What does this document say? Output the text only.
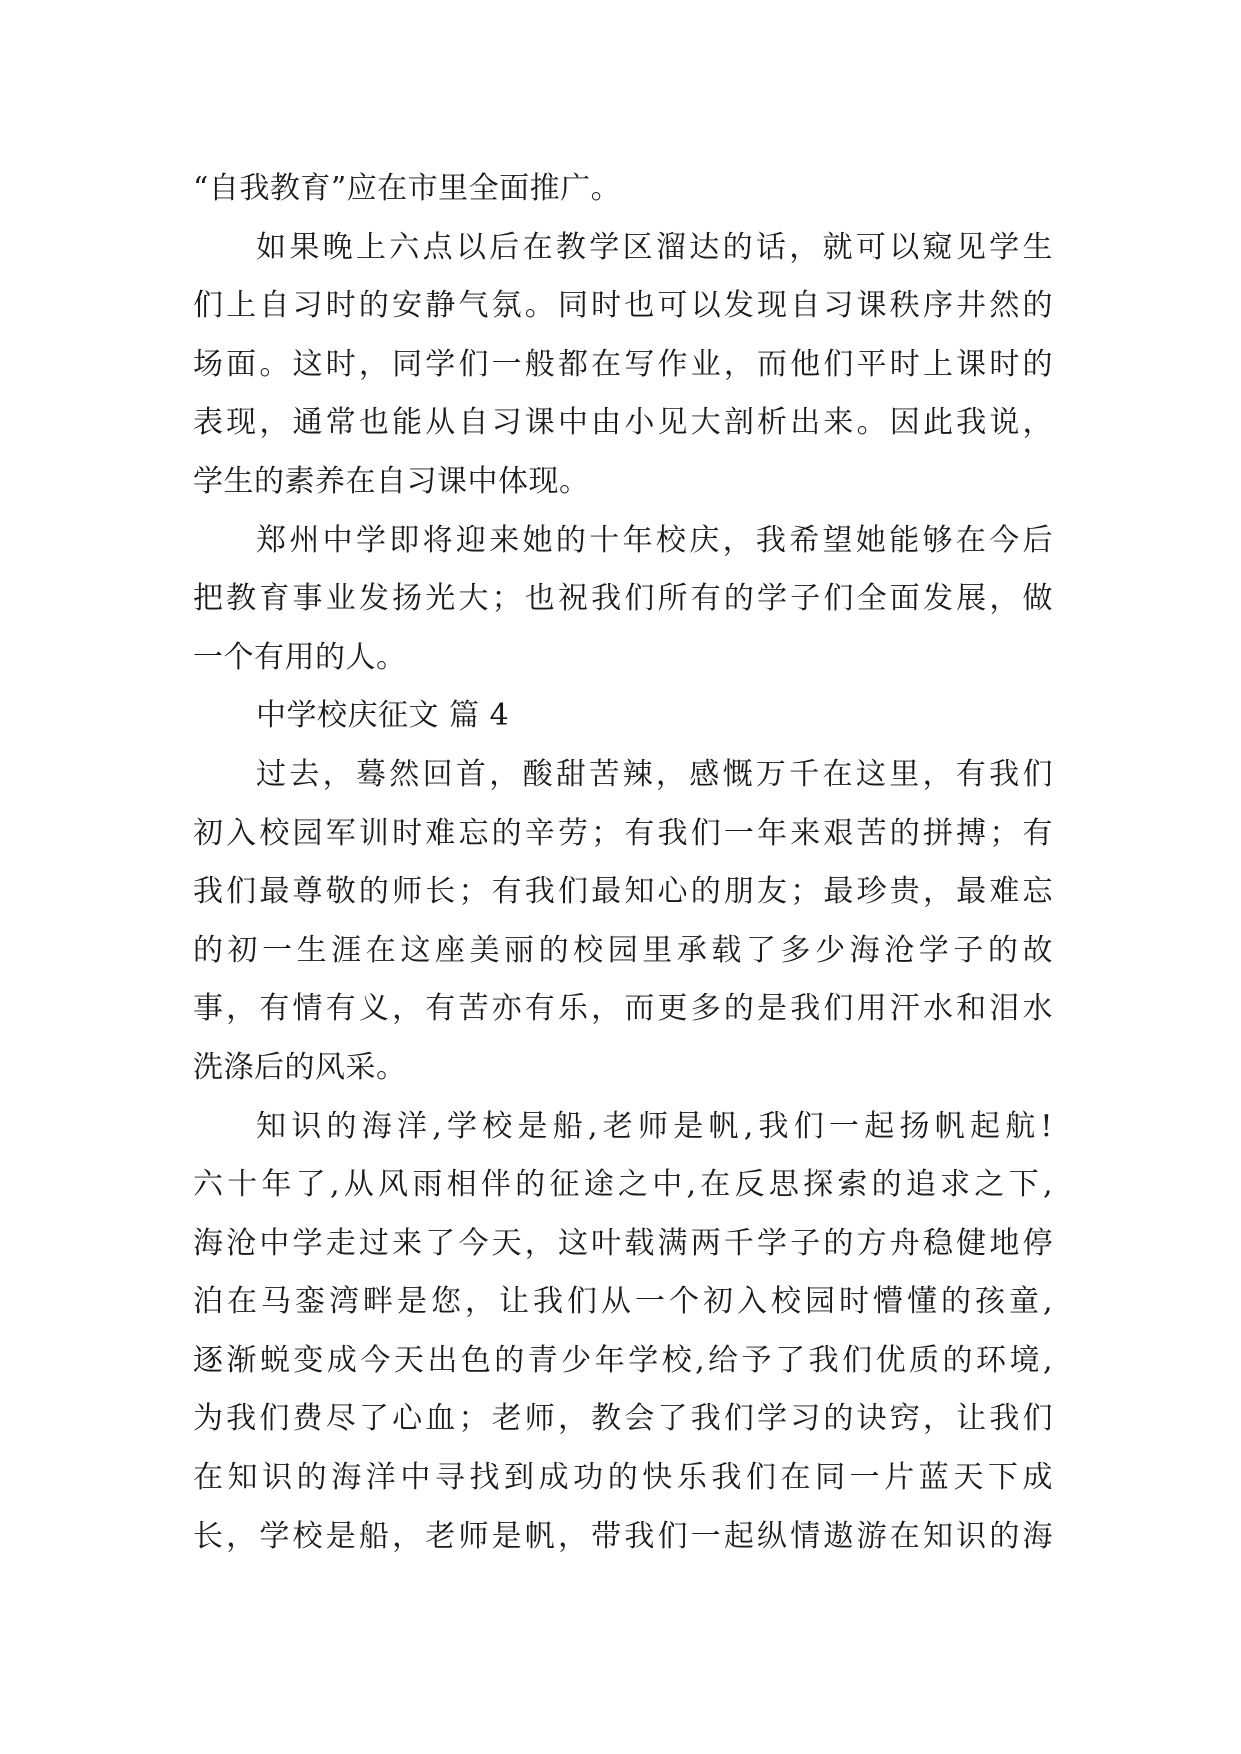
“自我教育”应在市里全面推广。
如果晚上六点以后在教学区溜达的话，就可以窥见学生
们上自习时的安静气氛。同时也可以发现自习课秩序井然的
场面。这时，同学们一般都在写作业，而他们平时上课时的
表现，通常也能从自习课中由小见大剖析出来。因此我说，
学生的素养在自习课中体现。
郑州中学即将迎来她的十年校庆，我希望她能够在今后
把教育事业发扬光大；也祝我们所有的学子们全面发展，做
一个有用的人。
中学校庆征文 篇 4
过去，蓦然回首，酸甜苦辣，感慨万千在这里，有我们
初入校园军训时难忘的辛劳；有我们一年来艰苦的拼搏；有
我们最尊敬的师长；有我们最知心的朋友；最珍贵，最难忘
的初一生涯在这座美丽的校园里承载了多少海沧学子的故
事，有情有义，有苦亦有乐，而更多的是我们用汗水和泪水
洗涤后的风采。
知识的海洋,学校是船,老师是帆,我们一起扬帆起航!
六十年了,从风雨相伴的征途之中,在反思探索的追求之下,
海沧中学走过来了今天，这叶载满两千学子的方舟稳健地停
泊在马銮湾畔是您，让我们从一个初入校园时懵懂的孩童,
逐渐蜕变成今天出色的青少年学校,给予了我们优质的环境,
为我们费尽了心血；老师，教会了我们学习的诀窍，让我们
在知识的海洋中寻找到成功的快乐我们在同一片蓝天下成
长，学校是船，老师是帆，带我们一起纵情遨游在知识的海
